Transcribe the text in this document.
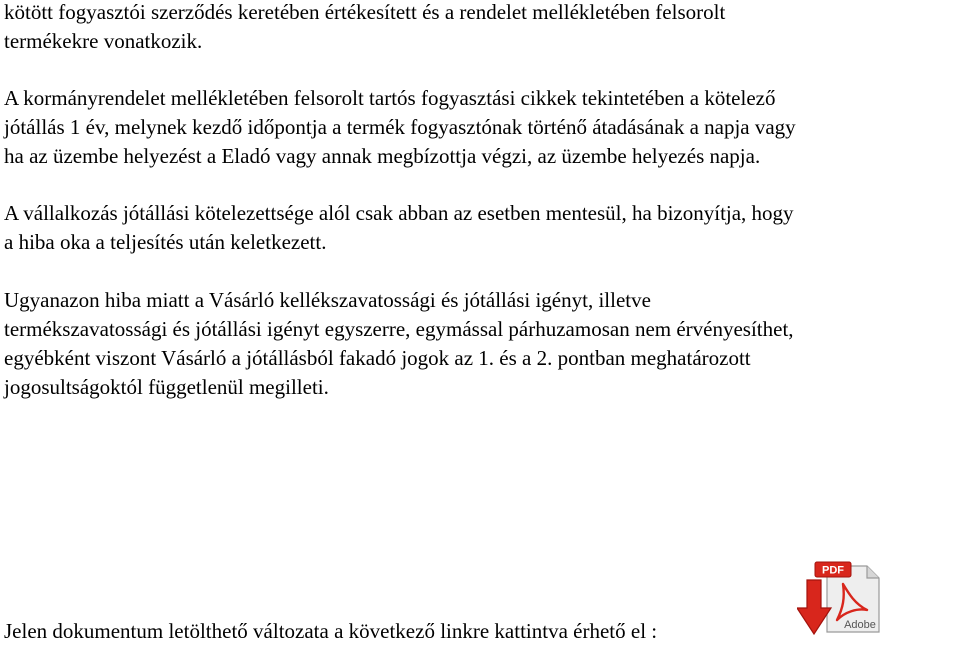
kötött fogyasztói szerződés keretében értékesített és a rendelet mellékletében felsorolt
termékekre vonatkozik.

A kormányrendelet mellékletében felsorolt tartós fogyasztási cikkek tekintetében a kötelező
jótállás 1 év, melynek kezdő időpontja a termék fogyasztónak történő átadásának a napja vagy
ha az üzembe helyezést a Eladó vagy annak megbízottja végzi, az üzembe helyezés napja.

A vállalkozás jótállási kötelezettsége alól csak abban az esetben mentesül, ha bizonyítja, hogy
a hiba oka a teljesítés után keletkezett.

Ugyanazon hiba miatt a Vásárló kellékszavatossági és jótállási igényt, illetve
termékszavatossági és jótállási igényt egyszerre, egymással párhuzamosan nem érvényesíthet,
egyébként viszont Vásárló a jótállásból fakadó jogok az 1. és a 2. pontban meghatározott
jogosultságoktól függetlenül megilleti.

Jelen dokumentum letölthető változata a következő linkre kattintva érhető el :
PDF
Adobe
